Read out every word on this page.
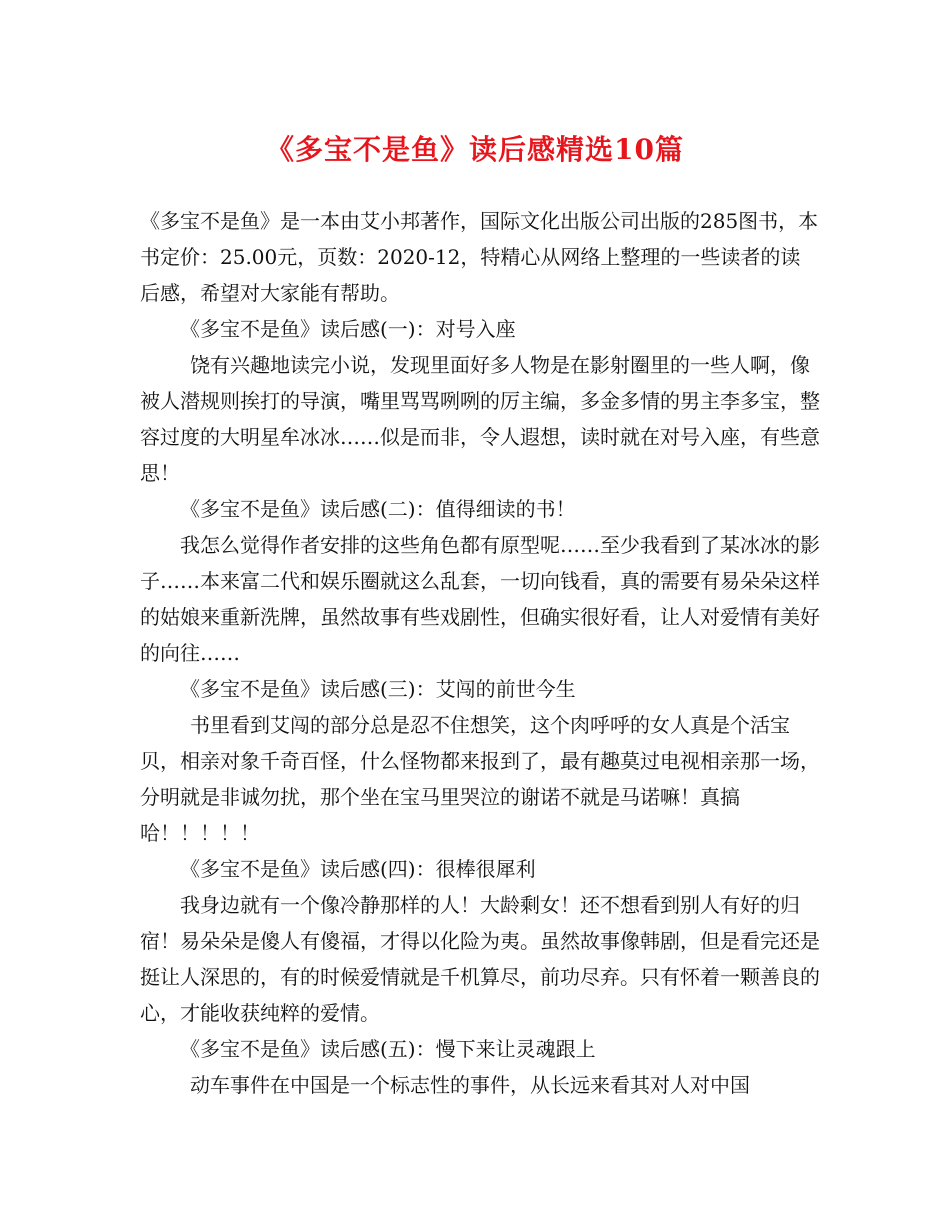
《多宝不是鱼》读后感精选10篇

《多宝不是鱼》是一本由艾小邦著作，国际文化出版公司出版的285图书，本书定价：25.00元，页数：2020-12，特精心从网络上整理的一些读者的读后感，希望对大家能有帮助。

《多宝不是鱼》读后感(一)：对号入座

饶有兴趣地读完小说，发现里面好多人物是在影射圈里的一些人啊，像被人潜规则挨打的导演，嘴里骂骂咧咧的厉主编，多金多情的男主李多宝，整容过度的大明星牟冰冰……似是而非，令人遐想，读时就在对号入座，有些意思！

《多宝不是鱼》读后感(二)：值得细读的书！

我怎么觉得作者安排的这些角色都有原型呢……至少我看到了某冰冰的影子……本来富二代和娱乐圈就这么乱套，一切向钱看，真的需要有易朵朵这样的姑娘来重新洗牌，虽然故事有些戏剧性，但确实很好看，让人对爱情有美好的向往……

《多宝不是鱼》读后感(三)：艾闯的前世今生

书里看到艾闯的部分总是忍不住想笑，这个肉呼呼的女人真是个活宝贝，相亲对象千奇百怪，什么怪物都来报到了，最有趣莫过电视相亲那一场，分明就是非诚勿扰，那个坐在宝马里哭泣的谢诺不就是马诺嘛！真搞哈！！！！！

《多宝不是鱼》读后感(四)：很棒很犀利

我身边就有一个像冷静那样的人！大龄剩女！还不想看到别人有好的归宿！易朵朵是傻人有傻福，才得以化险为夷。虽然故事像韩剧，但是看完还是挺让人深思的，有的时候爱情就是千机算尽，前功尽弃。只有怀着一颗善良的心，才能收获纯粹的爱情。

《多宝不是鱼》读后感(五)：慢下来让灵魂跟上

动车事件在中国是一个标志性的事件，从长远来看其对人对中国
